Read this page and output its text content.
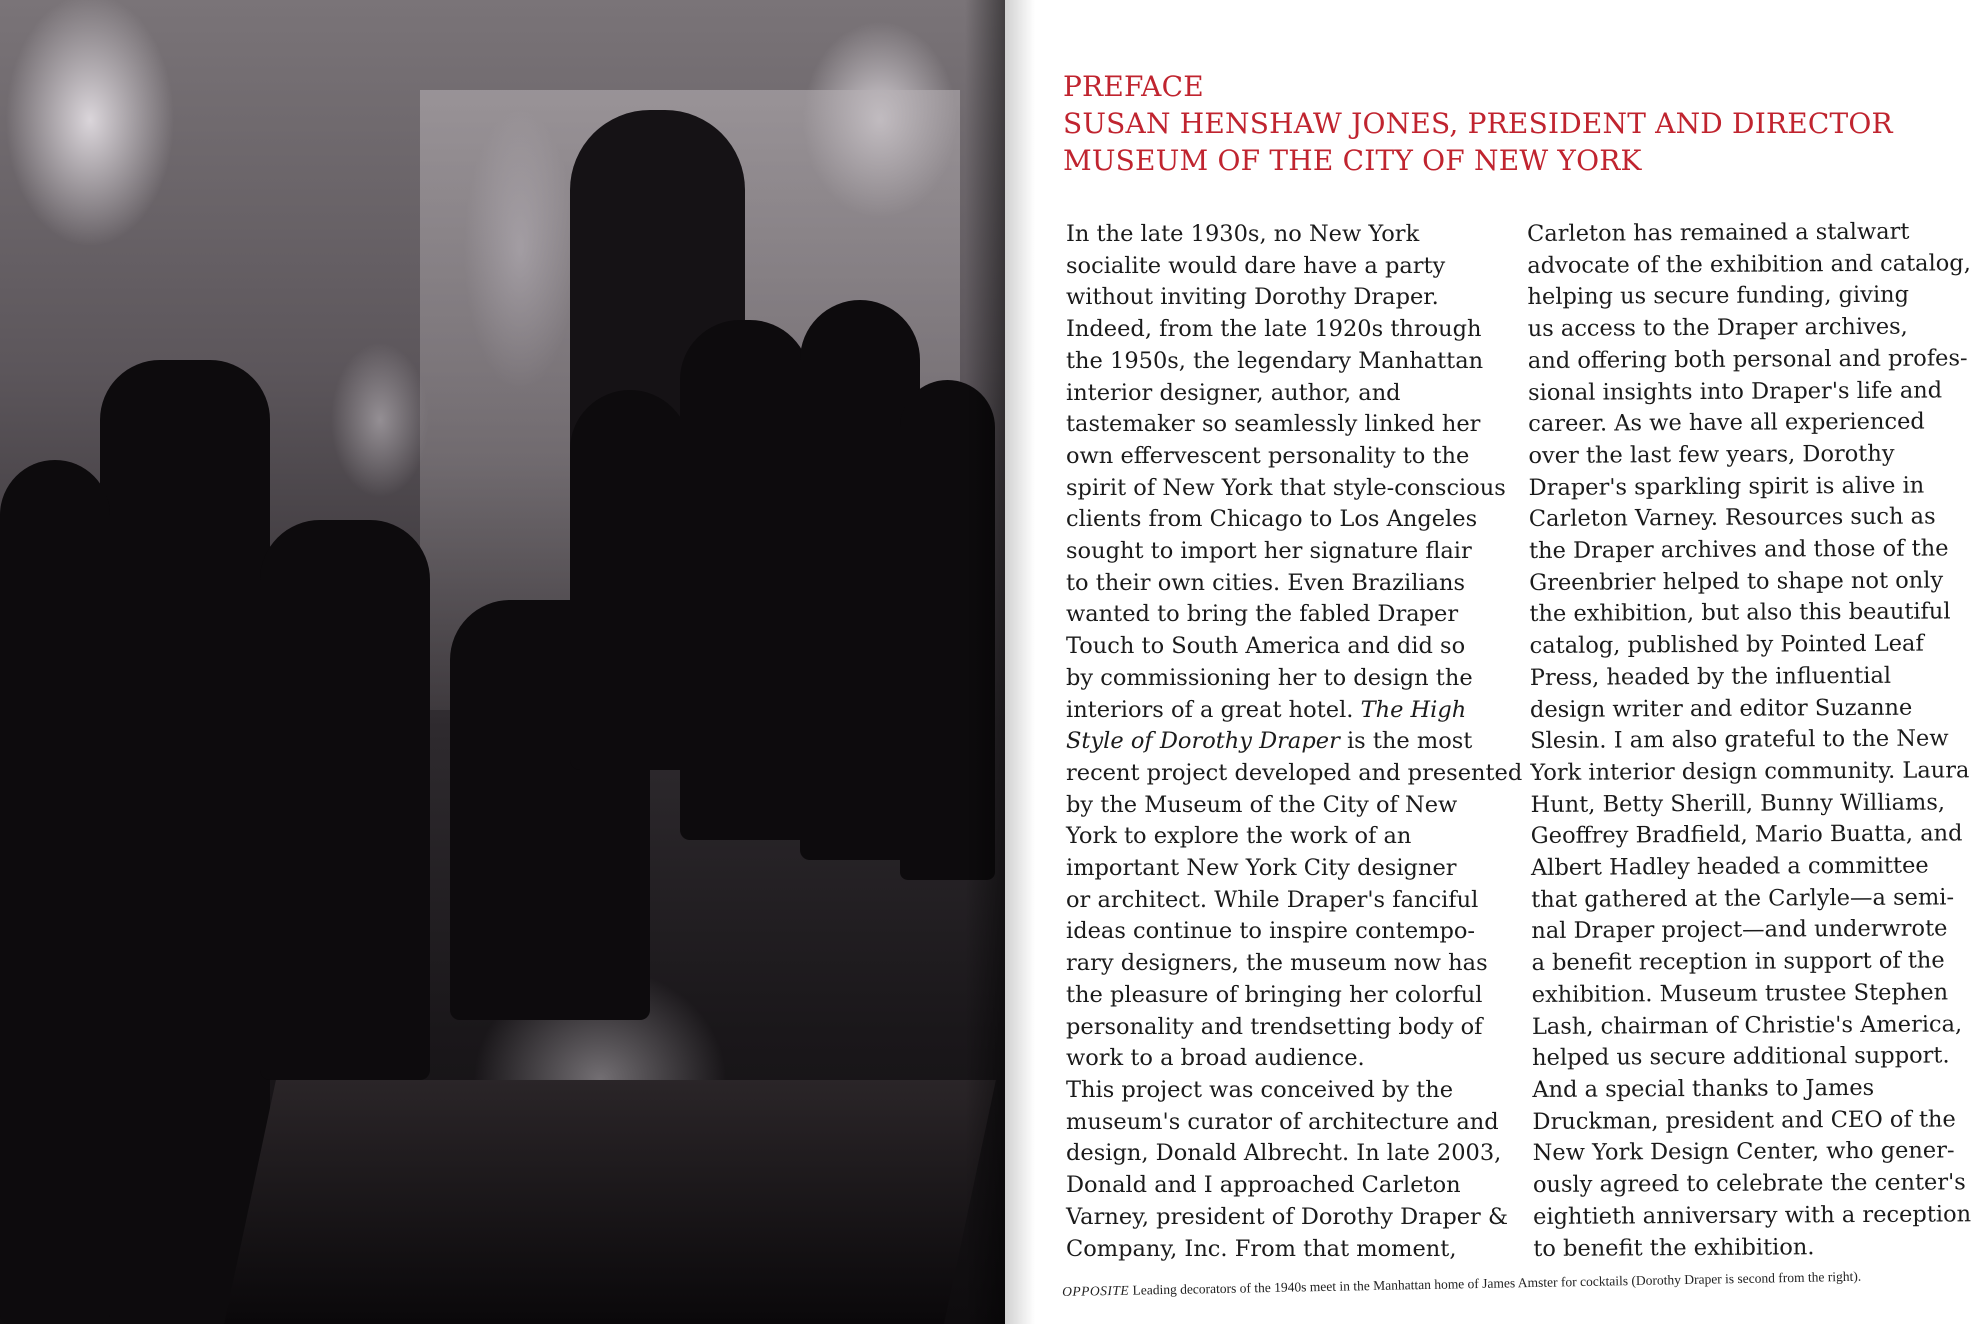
PREFACE
SUSAN HENSHAW JONES, PRESIDENT AND DIRECTOR
MUSEUM OF THE CITY OF NEW YORK
In the late 1930s, no New York
socialite would dare have a party
without inviting Dorothy Draper.
Indeed, from the late 1920s through
the 1950s, the legendary Manhattan
interior designer, author, and
tastemaker so seamlessly linked her
own effervescent personality to the
spirit of New York that style-conscious
clients from Chicago to Los Angeles
sought to import her signature flair
to their own cities. Even Brazilians
wanted to bring the fabled Draper
Touch to South America and did so
by commissioning her to design the
interiors of a great hotel. The High
Style of Dorothy Draper is the most
recent project developed and presented
by the Museum of the City of New
York to explore the work of an
important New York City designer
or architect. While Draper's fanciful
ideas continue to inspire contempo-
rary designers, the museum now has
the pleasure of bringing her colorful
personality and trendsetting body of
work to a broad audience.
This project was conceived by the
museum's curator of architecture and
design, Donald Albrecht. In late 2003,
Donald and I approached Carleton
Varney, president of Dorothy Draper &
Company, Inc. From that moment,
Carleton has remained a stalwart
advocate of the exhibition and catalog,
helping us secure funding, giving
us access to the Draper archives,
and offering both personal and profes-
sional insights into Draper's life and
career. As we have all experienced
over the last few years, Dorothy
Draper's sparkling spirit is alive in
Carleton Varney. Resources such as
the Draper archives and those of the
Greenbrier helped to shape not only
the exhibition, but also this beautiful
catalog, published by Pointed Leaf
Press, headed by the influential
design writer and editor Suzanne
Slesin. I am also grateful to the New
York interior design community. Laura
Hunt, Betty Sherill, Bunny Williams,
Geoffrey Bradfield, Mario Buatta, and
Albert Hadley headed a committee
that gathered at the Carlyle—a semi-
nal Draper project—and underwrote
a benefit reception in support of the
exhibition. Museum trustee Stephen
Lash, chairman of Christie's America,
helped us secure additional support.
And a special thanks to James
Druckman, president and CEO of the
New York Design Center, who gener-
ously agreed to celebrate the center's
eightieth anniversary with a reception
to benefit the exhibition.
OPPOSITE Leading decorators of the 1940s meet in the Manhattan home of James Amster for cocktails (Dorothy Draper is second from the right).
